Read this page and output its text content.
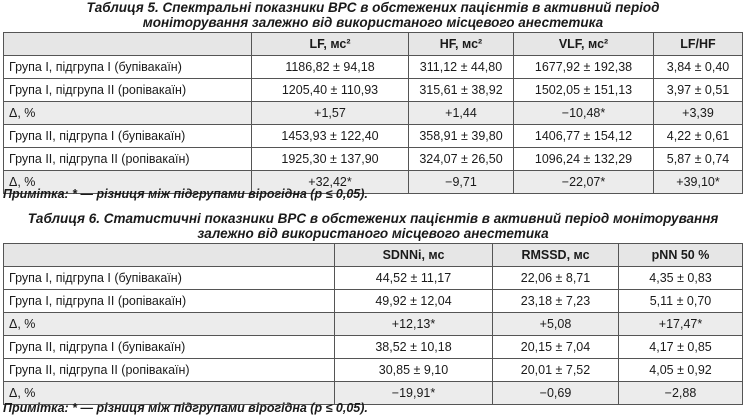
Таблиця 5. Спектральні показники ВРС в обстежених пацієнтів в активний період
моніторування залежно від використаного місцевого анестетика
	LF, мс²	HF, мс²	VLF, мс²	LF/HF
Група I, підгрупа I (бупівакаїн)	1186,82 ± 94,18	311,12 ± 44,80	1677,92 ± 192,38	3,84 ± 0,40
Група I, підгрупа II (ропівакаїн)	1205,40 ± 110,93	315,61 ± 38,92	1502,05 ± 151,13	3,97 ± 0,51
Δ, %	+1,57	+1,44	−10,48*	+3,39
Група II, підгрупа I (бупівакаїн)	1453,93 ± 122,40	358,91 ± 39,80	1406,77 ± 154,12	4,22 ± 0,61
Група II, підгрупа II (ропівакаїн)	1925,30 ± 137,90	324,07 ± 26,50	1096,24 ± 132,29	5,87 ± 0,74
Δ, %	+32,42*	−9,71	−22,07*	+39,10*
Примітка: * — різниця між підгрупами вірогідна (p ≤ 0,05).
Таблиця 6. Статистичні показники ВРС в обстежених пацієнтів в активний період моніторування
залежно від використаного місцевого анестетика
	SDNNi, мс	RMSSD, мс	pNN 50 %
Група I, підгрупа I (бупівакаїн)	44,52 ± 11,17	22,06 ± 8,71	4,35 ± 0,83
Група I, підгрупа II (ропівакаїн)	49,92 ± 12,04	23,18 ± 7,23	5,11 ± 0,70
Δ, %	+12,13*	+5,08	+17,47*
Група II, підгрупа I (бупівакаїн)	38,52 ± 10,18	20,15 ± 7,04	4,17 ± 0,85
Група II, підгрупа II (ропівакаїн)	30,85 ± 9,10	20,01 ± 7,52	4,05 ± 0,92
Δ, %	−19,91*	−0,69	−2,88
Примітка: * — різниця між підгрупами вірогідна (p ≤ 0,05).
